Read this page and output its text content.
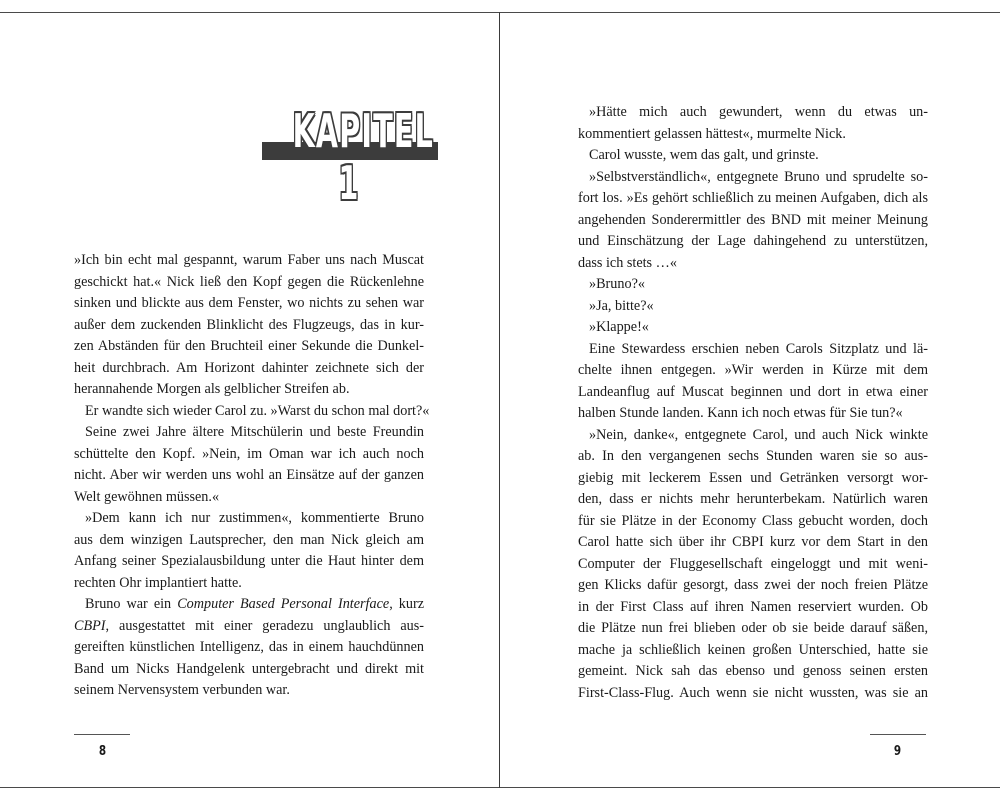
KAPITEL 1
»Ich bin echt mal gespannt, warum Faber uns nach Muscat
geschickt hat.« Nick ließ den Kopf gegen die Rückenlehne
sinken und blickte aus dem Fenster, wo nichts zu sehen war
außer dem zuckenden Blinklicht des Flugzeugs, das in kur-
zen Abständen für den Bruchteil einer Sekunde die Dunkel-
heit durchbrach. Am Horizont dahinter zeichnete sich der
herannahende Morgen als gelblicher Streifen ab.
Er wandte sich wieder Carol zu. »Warst du schon mal dort?«
Seine zwei Jahre ältere Mitschülerin und beste Freundin
schüttelte den Kopf. »Nein, im Oman war ich auch noch
nicht. Aber wir werden uns wohl an Einsätze auf der ganzen
Welt gewöhnen müssen.«
»Dem kann ich nur zustimmen«, kommentierte Bruno
aus dem winzigen Lautsprecher, den man Nick gleich am
Anfang seiner Spezialausbildung unter die Haut hinter dem
rechten Ohr implantiert hatte.
Bruno war ein Computer Based Personal Interface, kurz
CBPI, ausgestattet mit einer geradezu unglaublich aus-
gereiften künstlichen Intelligenz, das in einem hauchdünnen
Band um Nicks Handgelenk untergebracht und direkt mit
seinem Nervensystem verbunden war.
8
»Hätte mich auch gewundert, wenn du etwas un-
kommentiert gelassen hättest«, murmelte Nick.
Carol wusste, wem das galt, und grinste.
»Selbstverständlich«, entgegnete Bruno und sprudelte so-
fort los. »Es gehört schließlich zu meinen Aufgaben, dich als
angehenden Sonderermittler des BND mit meiner Meinung
und Einschätzung der Lage dahingehend zu unterstützen,
dass ich stets …«
»Bruno?«
»Ja, bitte?«
»Klappe!«
Eine Stewardess erschien neben Carols Sitzplatz und lä-
chelte ihnen entgegen. »Wir werden in Kürze mit dem
Landeanflug auf Muscat beginnen und dort in etwa einer
halben Stunde landen. Kann ich noch etwas für Sie tun?«
»Nein, danke«, entgegnete Carol, und auch Nick winkte
ab. In den vergangenen sechs Stunden waren sie so aus-
giebig mit leckerem Essen und Getränken versorgt wor-
den, dass er nichts mehr herunterbekam. Natürlich waren
für sie Plätze in der Economy Class gebucht worden, doch
Carol hatte sich über ihr CBPI kurz vor dem Start in den
Computer der Fluggesellschaft eingeloggt und mit weni-
gen Klicks dafür gesorgt, dass zwei der noch freien Plätze
in der First Class auf ihren Namen reserviert wurden. Ob
die Plätze nun frei blieben oder ob sie beide darauf säßen,
mache ja schließlich keinen großen Unterschied, hatte sie
gemeint. Nick sah das ebenso und genoss seinen ersten
First-Class-Flug. Auch wenn sie nicht wussten, was sie an
9
